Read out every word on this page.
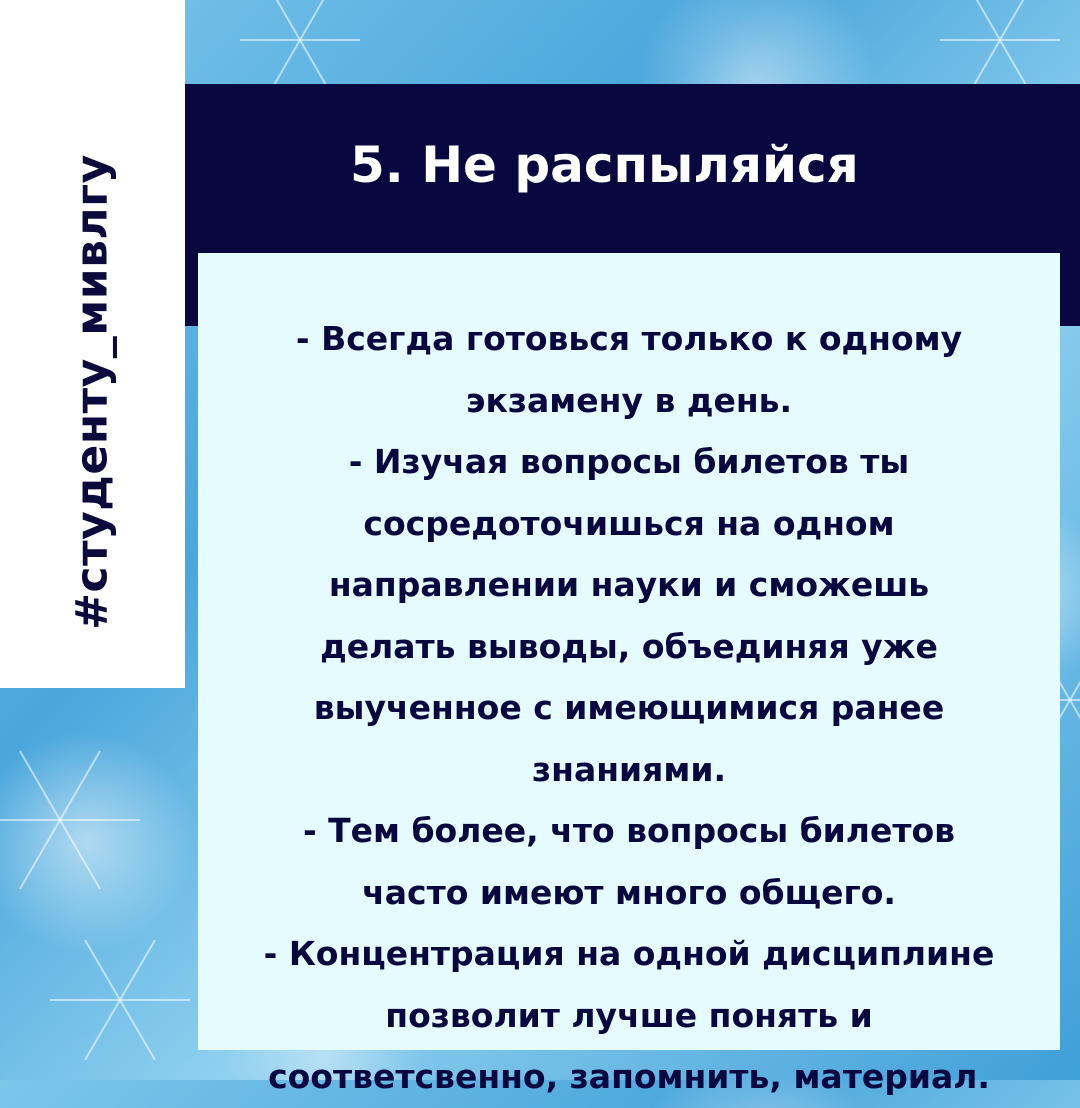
#студенту_мивлгу	5. Не распыляйся
- Всегда готовься только к одному
экзамену в день.
- Изучая вопросы билетов ты
сосредоточишься на одном
направлении науки и сможешь
делать выводы, объединяя уже
выученное с имеющимися ранее
знаниями.
- Тем более, что вопросы билетов
часто имеют много общего.
- Концентрация на одной дисциплине
позволит лучше понять и
соответсвенно, запомнить, материал.
